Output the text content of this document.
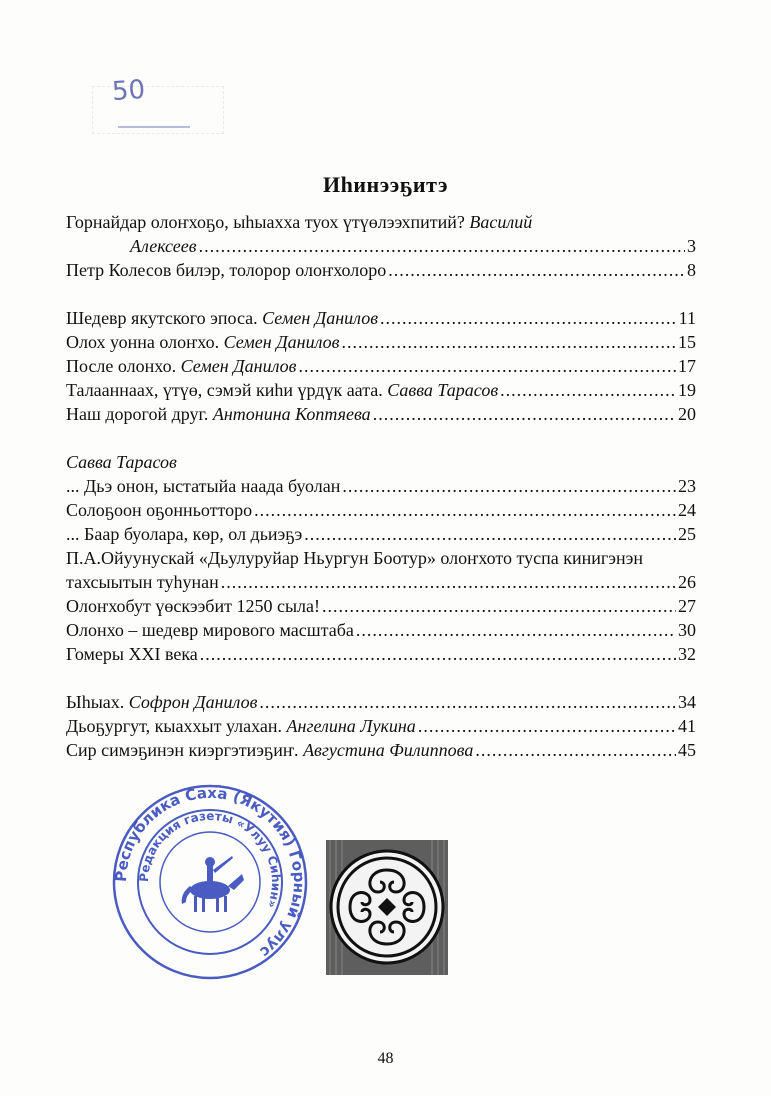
50
Иһинээҕитэ
Горнайдар олоҥхоҕо, ыһыахха туох үтүөлээхпитий? Василий
Алексеев .....	3
Петр Колесов билэр, толорор олоҥхолоро .....	8
Шедевр якутского эпоса. Семен Данилов .....	11
Олох уонна олоҥхо. Семен Данилов .....	15
После олонхо. Семен Данилов .....	17
Талааннаах, үтүө, сэмэй киһи үрдүк аата. Савва Тарасов .....	19
Наш дорогой друг. Антонина Коптяева .....	20
Савва Тарасов
... Дьэ онон, ыстатыйа наада буолан .....	23
Солоҕоон оҕонньотторо .....	24
... Баар буолара, көр, ол дьиэҕэ .....	25
П.А.Ойуунускай «Дьулуруйар Ньургун Боотур» олоҥхото туспа кинигэнэн
тахсыытын туһунан .....	26
Олоҥхобут үөскээбит 1250 сыла! .....	27
Олонхо – шедевр мирового масштаба .....	30
Гомеры XXI века .....	32
Ыһыах. Софрон Данилов .....	34
Дьоҕургут, кыаххыт улахан. Ангелина Лукина .....	41
Сир симэҕинэн киэргэтиэҕиҥ. Августина Филиппова .....	45
Республика Саха (Якутия) Горный улус
Редакция газеты «Улуу Сиһин»
48
